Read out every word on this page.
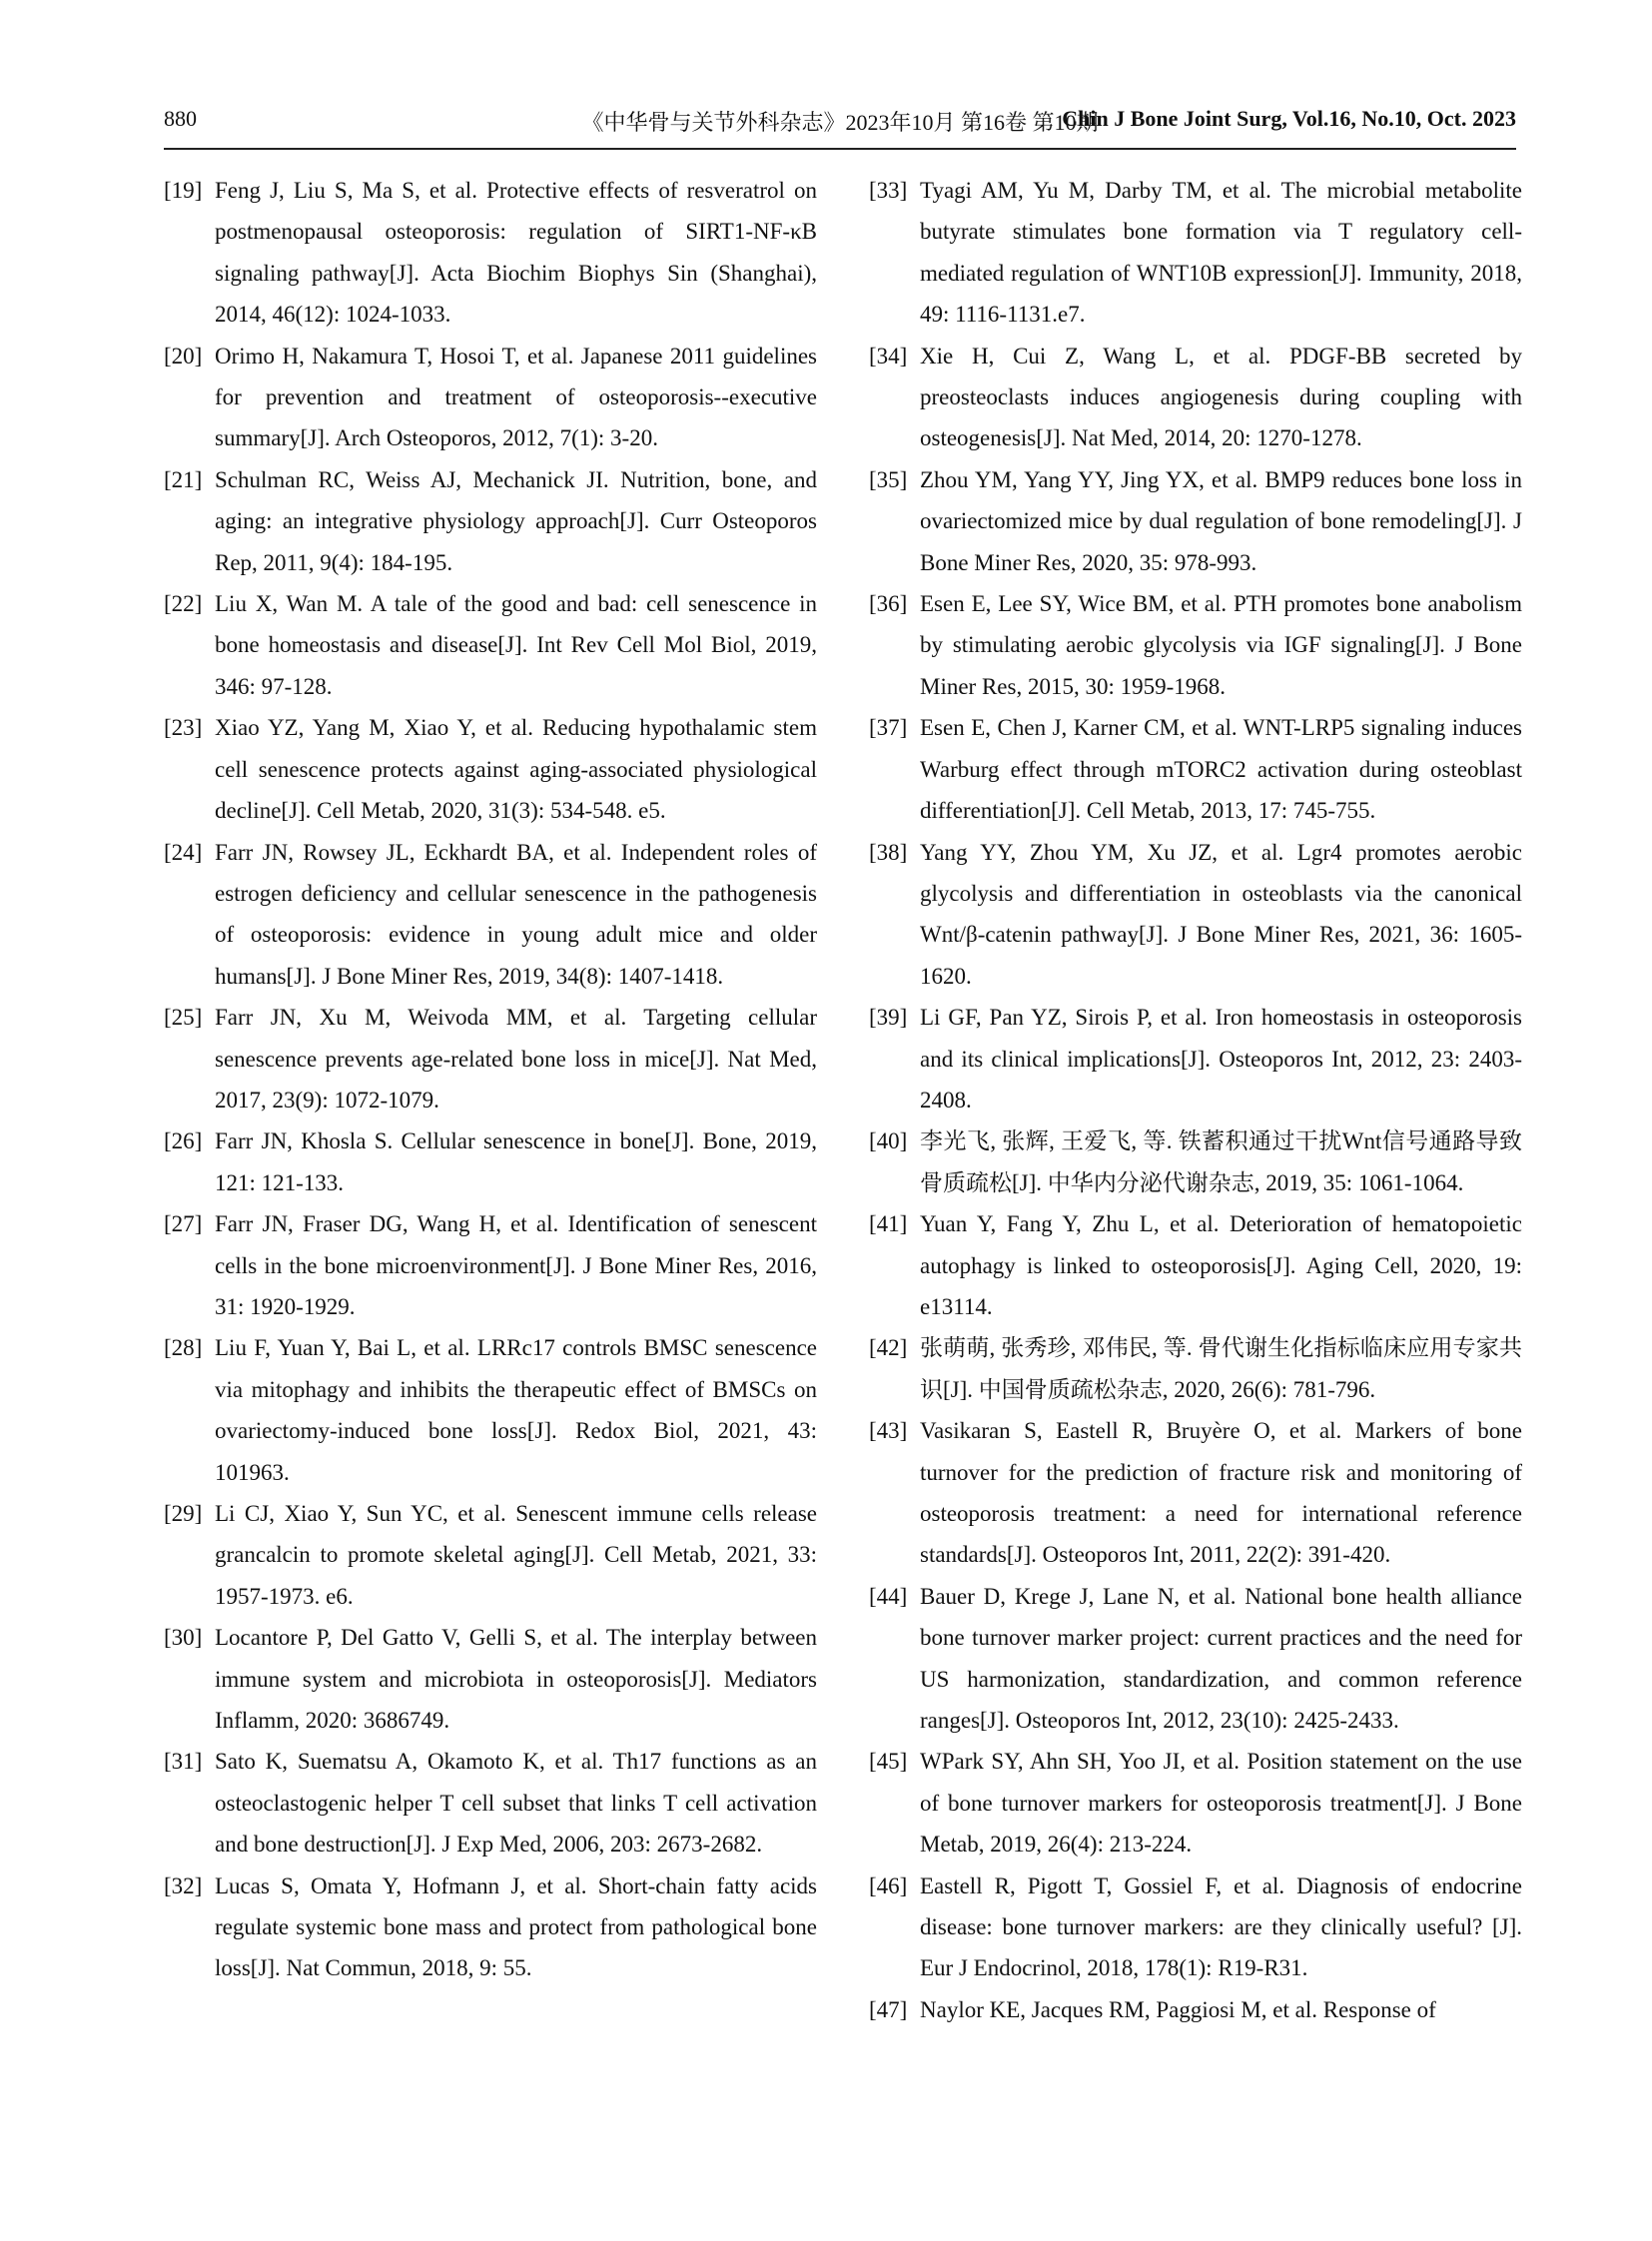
880	《中华骨与关节外科杂志》2023年10月 第16卷 第10期
Chin J Bone Joint Surg, Vol.16, No.10, Oct. 2023
[19] Feng J, Liu S, Ma S, et al. Protective effects of resveratrol on postmenopausal osteoporosis: regulation of SIRT1-NF-κB signaling pathway[J]. Acta Biochim Biophys Sin (Shanghai), 2014, 46(12): 1024-1033.
[20] Orimo H, Nakamura T, Hosoi T, et al. Japanese 2011 guidelines for prevention and treatment of osteoporosis--executive summary[J]. Arch Osteoporos, 2012, 7(1): 3-20.
[21] Schulman RC, Weiss AJ, Mechanick JI. Nutrition, bone, and aging: an integrative physiology approach[J]. Curr Osteoporos Rep, 2011, 9(4): 184-195.
[22] Liu X, Wan M. A tale of the good and bad: cell senescence in bone homeostasis and disease[J]. Int Rev Cell Mol Biol, 2019, 346: 97-128.
[23] Xiao YZ, Yang M, Xiao Y, et al. Reducing hypothalamic stem cell senescence protects against aging-associated physiological decline[J]. Cell Metab, 2020, 31(3): 534-548. e5.
[24] Farr JN, Rowsey JL, Eckhardt BA, et al. Independent roles of estrogen deficiency and cellular senescence in the pathogenesis of osteoporosis: evidence in young adult mice and older humans[J]. J Bone Miner Res, 2019, 34(8): 1407-1418.
[25] Farr JN, Xu M, Weivoda MM, et al. Targeting cellular senescence prevents age-related bone loss in mice[J]. Nat Med, 2017, 23(9): 1072-1079.
[26] Farr JN, Khosla S. Cellular senescence in bone[J]. Bone, 2019, 121: 121-133.
[27] Farr JN, Fraser DG, Wang H, et al. Identification of senescent cells in the bone microenvironment[J]. J Bone Miner Res, 2016, 31: 1920-1929.
[28] Liu F, Yuan Y, Bai L, et al. LRRc17 controls BMSC senescence via mitophagy and inhibits the therapeutic effect of BMSCs on ovariectomy-induced bone loss[J]. Redox Biol, 2021, 43: 101963.
[29] Li CJ, Xiao Y, Sun YC, et al. Senescent immune cells release grancalcin to promote skeletal aging[J]. Cell Metab, 2021, 33: 1957-1973. e6.
[30] Locantore P, Del Gatto V, Gelli S, et al. The interplay between immune system and microbiota in osteoporosis[J]. Mediators Inflamm, 2020: 3686749.
[31] Sato K, Suematsu A, Okamoto K, et al. Th17 functions as an osteoclastogenic helper T cell subset that links T cell activation and bone destruction[J]. J Exp Med, 2006, 203: 2673-2682.
[32] Lucas S, Omata Y, Hofmann J, et al. Short-chain fatty acids regulate systemic bone mass and protect from pathological bone loss[J]. Nat Commun, 2018, 9: 55.
[33] Tyagi AM, Yu M, Darby TM, et al. The microbial metabolite butyrate stimulates bone formation via T regulatory cell-mediated regulation of WNT10B expression[J]. Immunity, 2018, 49: 1116-1131.e7.
[34] Xie H, Cui Z, Wang L, et al. PDGF-BB secreted by preosteoclasts induces angiogenesis during coupling with osteogenesis[J]. Nat Med, 2014, 20: 1270-1278.
[35] Zhou YM, Yang YY, Jing YX, et al. BMP9 reduces bone loss in ovariectomized mice by dual regulation of bone remodeling[J]. J Bone Miner Res, 2020, 35: 978-993.
[36] Esen E, Lee SY, Wice BM, et al. PTH promotes bone anabolism by stimulating aerobic glycolysis via IGF signaling[J]. J Bone Miner Res, 2015, 30: 1959-1968.
[37] Esen E, Chen J, Karner CM, et al. WNT-LRP5 signaling induces Warburg effect through mTORC2 activation during osteoblast differentiation[J]. Cell Metab, 2013, 17: 745-755.
[38] Yang YY, Zhou YM, Xu JZ, et al. Lgr4 promotes aerobic glycolysis and differentiation in osteoblasts via the canonical Wnt/β-catenin pathway[J]. J Bone Miner Res, 2021, 36: 1605-1620.
[39] Li GF, Pan YZ, Sirois P, et al. Iron homeostasis in osteoporosis and its clinical implications[J]. Osteoporos Int, 2012, 23: 2403-2408.
[40] 李光飞, 张辉, 王爱飞, 等. 铁蓄积通过干扰Wnt信号通路导致骨质疏松[J]. 中华内分泌代谢杂志, 2019, 35: 1061-1064.
[41] Yuan Y, Fang Y, Zhu L, et al. Deterioration of hematopoietic autophagy is linked to osteoporosis[J]. Aging Cell, 2020, 19: e13114.
[42] 张萌萌, 张秀珍, 邓伟民, 等. 骨代谢生化指标临床应用专家共识[J]. 中国骨质疏松杂志, 2020, 26(6): 781-796.
[43] Vasikaran S, Eastell R, Bruyère O, et al. Markers of bone turnover for the prediction of fracture risk and monitoring of osteoporosis treatment: a need for international reference standards[J]. Osteoporos Int, 2011, 22(2): 391-420.
[44] Bauer D, Krege J, Lane N, et al. National bone health alliance bone turnover marker project: current practices and the need for US harmonization, standardization, and common reference ranges[J]. Osteoporos Int, 2012, 23(10): 2425-2433.
[45] WPark SY, Ahn SH, Yoo JI, et al. Position statement on the use of bone turnover markers for osteoporosis treatment[J]. J Bone Metab, 2019, 26(4): 213-224.
[46] Eastell R, Pigott T, Gossiel F, et al. Diagnosis of endocrine disease: bone turnover markers: are they clinically useful? [J]. Eur J Endocrinol, 2018, 178(1): R19-R31.
[47] Naylor KE, Jacques RM, Paggiosi M, et al. Response of
